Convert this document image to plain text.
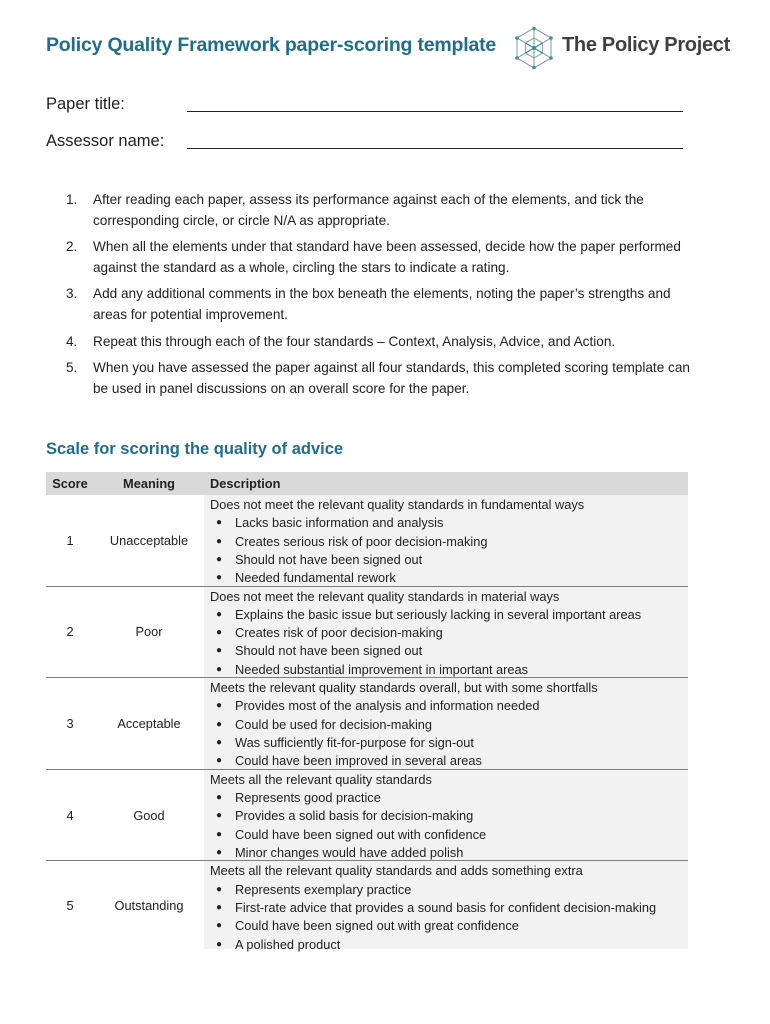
Policy Quality Framework paper-scoring template	The Policy Project
Paper title:
Assessor name:
1.	After reading each paper, assess its performance against each of the elements, and tick the corresponding circle, or circle N/A as appropriate.
2.	When all the elements under that standard have been assessed, decide how the paper performed against the standard as a whole, circling the stars to indicate a rating.
3.	Add any additional comments in the box beneath the elements, noting the paper’s strengths and areas for potential improvement.
4.	Repeat this through each of the four standards – Context, Analysis, Advice, and Action.
5.	When you have assessed the paper against all four standards, this completed scoring template can be used in panel discussions on an overall score for the paper.
Scale for scoring the quality of advice
Score	Meaning	Description
1	Unacceptable
Does not meet the relevant quality standards in fundamental ways
●	Lacks basic information and analysis
●	Creates serious risk of poor decision-making
●	Should not have been signed out
●	Needed fundamental rework
2	Poor
Does not meet the relevant quality standards in material ways
●	Explains the basic issue but seriously lacking in several important areas
●	Creates risk of poor decision-making
●	Should not have been signed out
●	Needed substantial improvement in important areas
3	Acceptable
Meets the relevant quality standards overall, but with some shortfalls
●	Provides most of the analysis and information needed
●	Could be used for decision-making
●	Was sufficiently fit-for-purpose for sign-out
●	Could have been improved in several areas
4	Good
Meets all the relevant quality standards
●	Represents good practice
●	Provides a solid basis for decision-making
●	Could have been signed out with confidence
●	Minor changes would have added polish
5	Outstanding
Meets all the relevant quality standards and adds something extra
●	Represents exemplary practice
●	First-rate advice that provides a sound basis for confident decision-making
●	Could have been signed out with great confidence
●	A polished product
